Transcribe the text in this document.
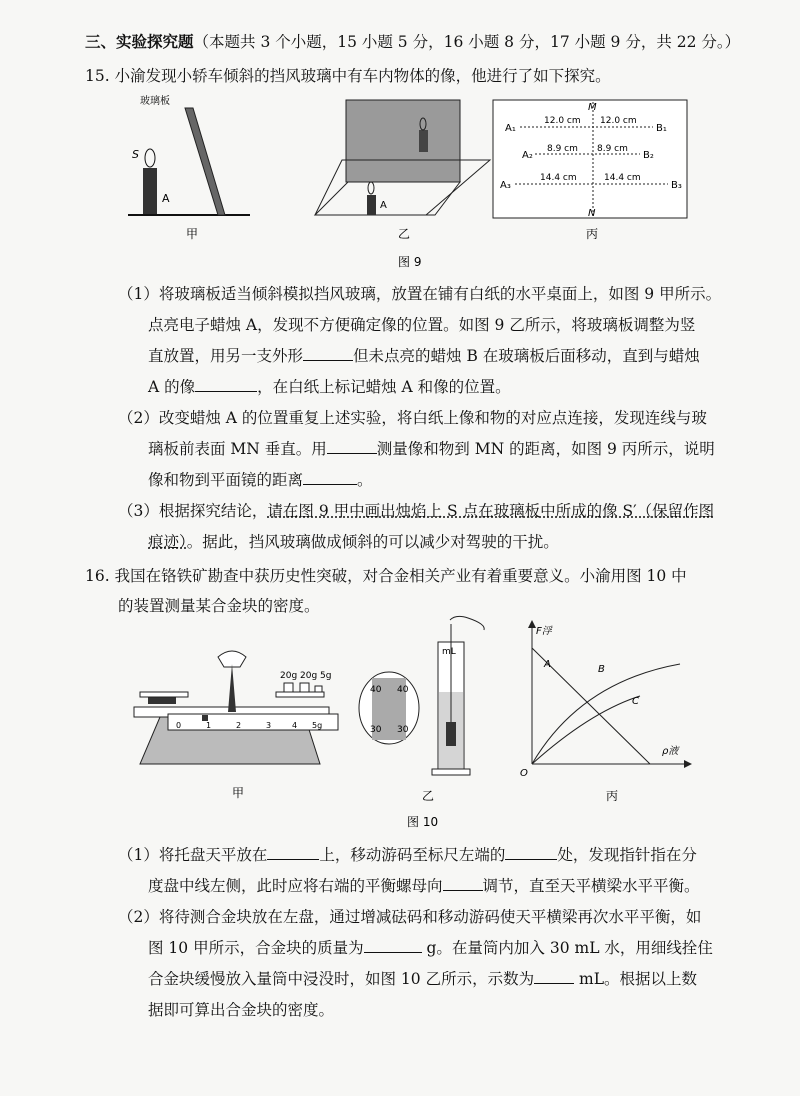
三、实验探究题（本题共 3 个小题，15 小题 5 分，16 小题 8 分，17 小题 9 分，共 22 分。）
15. 小渝发现小轿车倾斜的挡风玻璃中有车内物体的像，他进行了如下探究。
玻璃板
S
A
甲
A
乙
M
N
A₁
12.0 cm 12.0 cm
B₁
A₂
8.9 cm 8.9 cm
B₂
A₃
14.4 cm	14.4 cm
B₃
丙
图 9
（1）将玻璃板适当倾斜模拟挡风玻璃，放置在铺有白纸的水平桌面上，如图 9 甲所示。
点亮电子蜡烛 A，发现不方便确定像的位置。如图 9 乙所示，将玻璃板调整为竖
直放置，用另一支外形	但未点亮的蜡烛 B 在玻璃板后面移动，直到与蜡烛
A 的像	，在白纸上标记蜡烛 A 和像的位置。
（2）改变蜡烛 A 的位置重复上述实验，将白纸上像和物的对应点连接，发现连线与玻
璃板前表面 MN 垂直。用	测量像和物到 MN 的距离，如图 9 丙所示，说明
像和物到平面镜的距离	。
（3）根据探究结论，请在图 9 甲中画出烛焰上 S 点在玻璃板中所成的像 S′（保留作图
痕迹）。据此，挡风玻璃做成倾斜的可以减少对驾驶的干扰。
16. 我国在铬铁矿勘查中获历史性突破，对合金相关产业有着重要意义。小渝用图 10 中
的装置测量某合金块的密度。
0	1	2	3	4 5g
20g 20g 5g
甲
mL
40 40
30 30
乙
F浮
ρ液
O
A	B
C
丙
图 10
（1）将托盘天平放在	上，移动游码至标尺左端的	处，发现指针指在分
度盘中线左侧，此时应将右端的平衡螺母向	调节，直至天平横梁水平平衡。
（2）将待测合金块放在左盘，通过增减砝码和移动游码使天平横梁再次水平平衡，如
图 10 甲所示，合金块的质量为	g。在量筒内加入 30 mL 水，用细线拴住
合金块缓慢放入量筒中浸没时，如图 10 乙所示，示数为	mL。根据以上数
据即可算出合金块的密度。
